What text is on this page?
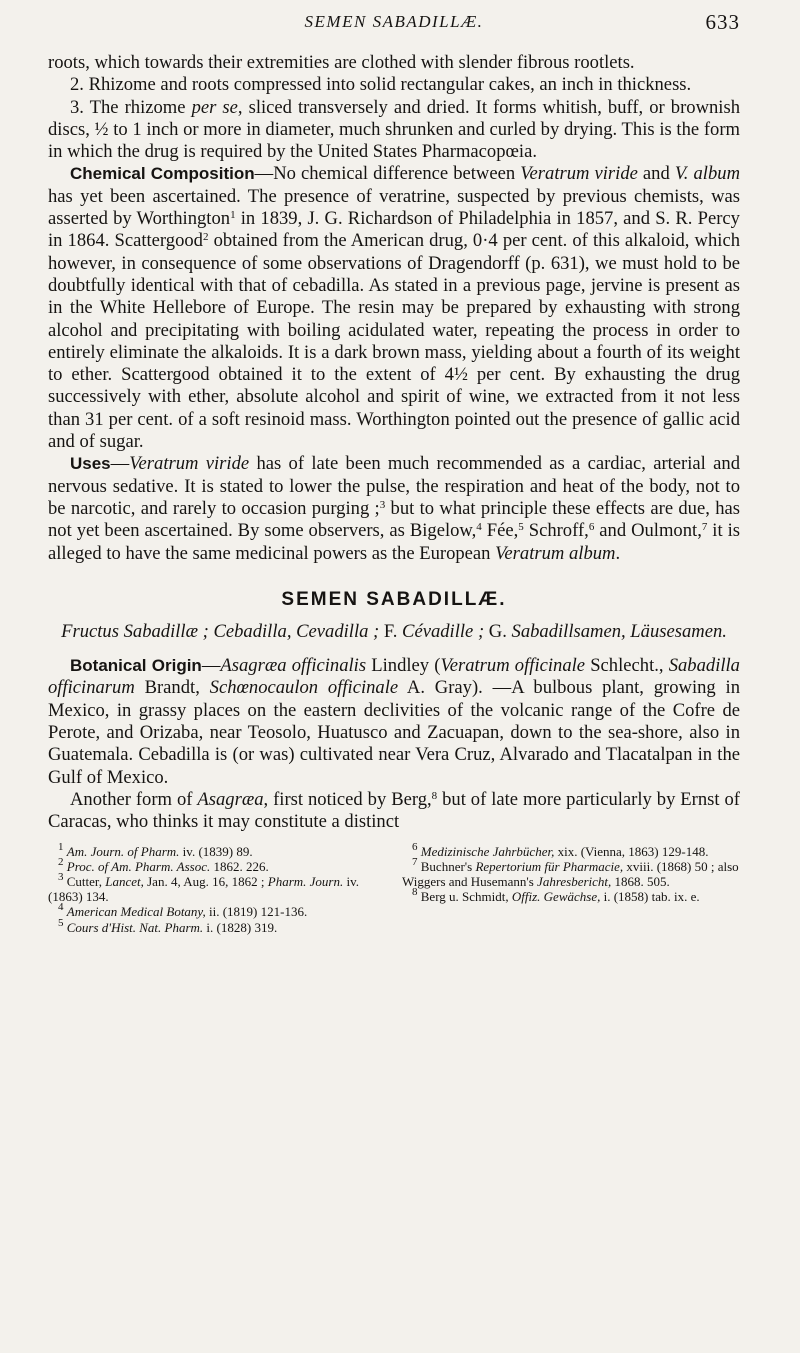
SEMEN SABADILLÆ.	633

roots, which towards their extremities are clothed with slender fibrous rootlets.

2. Rhizome and roots compressed into solid rectangular cakes, an inch in thickness.

3. The rhizome per se, sliced transversely and dried. It forms whitish, buff, or brownish discs, ½ to 1 inch or more in diameter, much shrunken and curled by drying. This is the form in which the drug is required by the United States Pharmacopœia.

Chemical Composition—No chemical difference between Veratrum viride and V. album has yet been ascertained. The presence of veratrine, suspected by previous chemists, was asserted by Worthington$^1$ in 1839, J. G. Richardson of Philadelphia in 1857, and S. R. Percy in 1864. Scattergood$^2$ obtained from the American drug, 0·4 per cent. of this alkaloid, which however, in consequence of some observations of Dragendorff (p. 631), we must hold to be doubtfully identical with that of cebadilla. As stated in a previous page, jervine is present as in the White Hellebore of Europe. The resin may be prepared by exhausting with strong alcohol and precipitating with boiling acidulated water, repeating the process in order to entirely eliminate the alkaloids. It is a dark brown mass, yielding about a fourth of its weight to ether. Scattergood obtained it to the extent of 4½ per cent. By exhausting the drug successively with ether, absolute alcohol and spirit of wine, we extracted from it not less than 31 per cent. of a soft resinoid mass. Worthington pointed out the presence of gallic acid and of sugar.

Uses—Veratrum viride has of late been much recommended as a cardiac, arterial and nervous sedative. It is stated to lower the pulse, the respiration and heat of the body, not to be narcotic, and rarely to occasion purging ;$^3$ but to what principle these effects are due, has not yet been ascertained. By some observers, as Bigelow,$^4$ Fée,$^5$ Schroff,$^6$ and Oulmont,$^7$ it is alleged to have the same medicinal powers as the European Veratrum album.

SEMEN SABADILLÆ.
Fructus Sabadillæ ; Cebadilla, Cevadilla ; F. Cévadille ; G. Sabadillsamen, Läusesamen.

Botanical Origin—Asagræa officinalis Lindley (Veratrum officinale Schlecht., Sabadilla officinarum Brandt, Schœnocaulon officinale A. Gray). —A bulbous plant, growing in Mexico, in grassy places on the eastern declivities of the volcanic range of the Cofre de Perote, and Orizaba, near Teosolo, Huatusco and Zacuapan, down to the sea-shore, also in Guatemala. Cebadilla is (or was) cultivated near Vera Cruz, Alvarado and Tlacatalpan in the Gulf of Mexico.

Another form of Asagræa, first noticed by Berg,$^8$ but of late more particularly by Ernst of Caracas, who thinks it may constitute a distinct

$^1$ Am. Journ. of Pharm. iv. (1839) 89.
$^2$ Proc. of Am. Pharm. Assoc. 1862. 226.
$^3$ Cutter, Lancet, Jan. 4, Aug. 16, 1862 ; Pharm. Journ. iv. (1863) 134.
$^4$ American Medical Botany, ii. (1819) 121-136.
$^5$ Cours d'Hist. Nat. Pharm. i. (1828) 319.
$^6$ Medizinische Jahrbücher, xix. (Vienna, 1863) 129-148.
$^7$ Buchner's Repertorium für Pharmacie, xviii. (1868) 50 ; also Wiggers and Husemann's Jahresbericht, 1868. 505.
$^8$ Berg u. Schmidt, Offiz. Gewächse, i. (1858) tab. ix. e.
